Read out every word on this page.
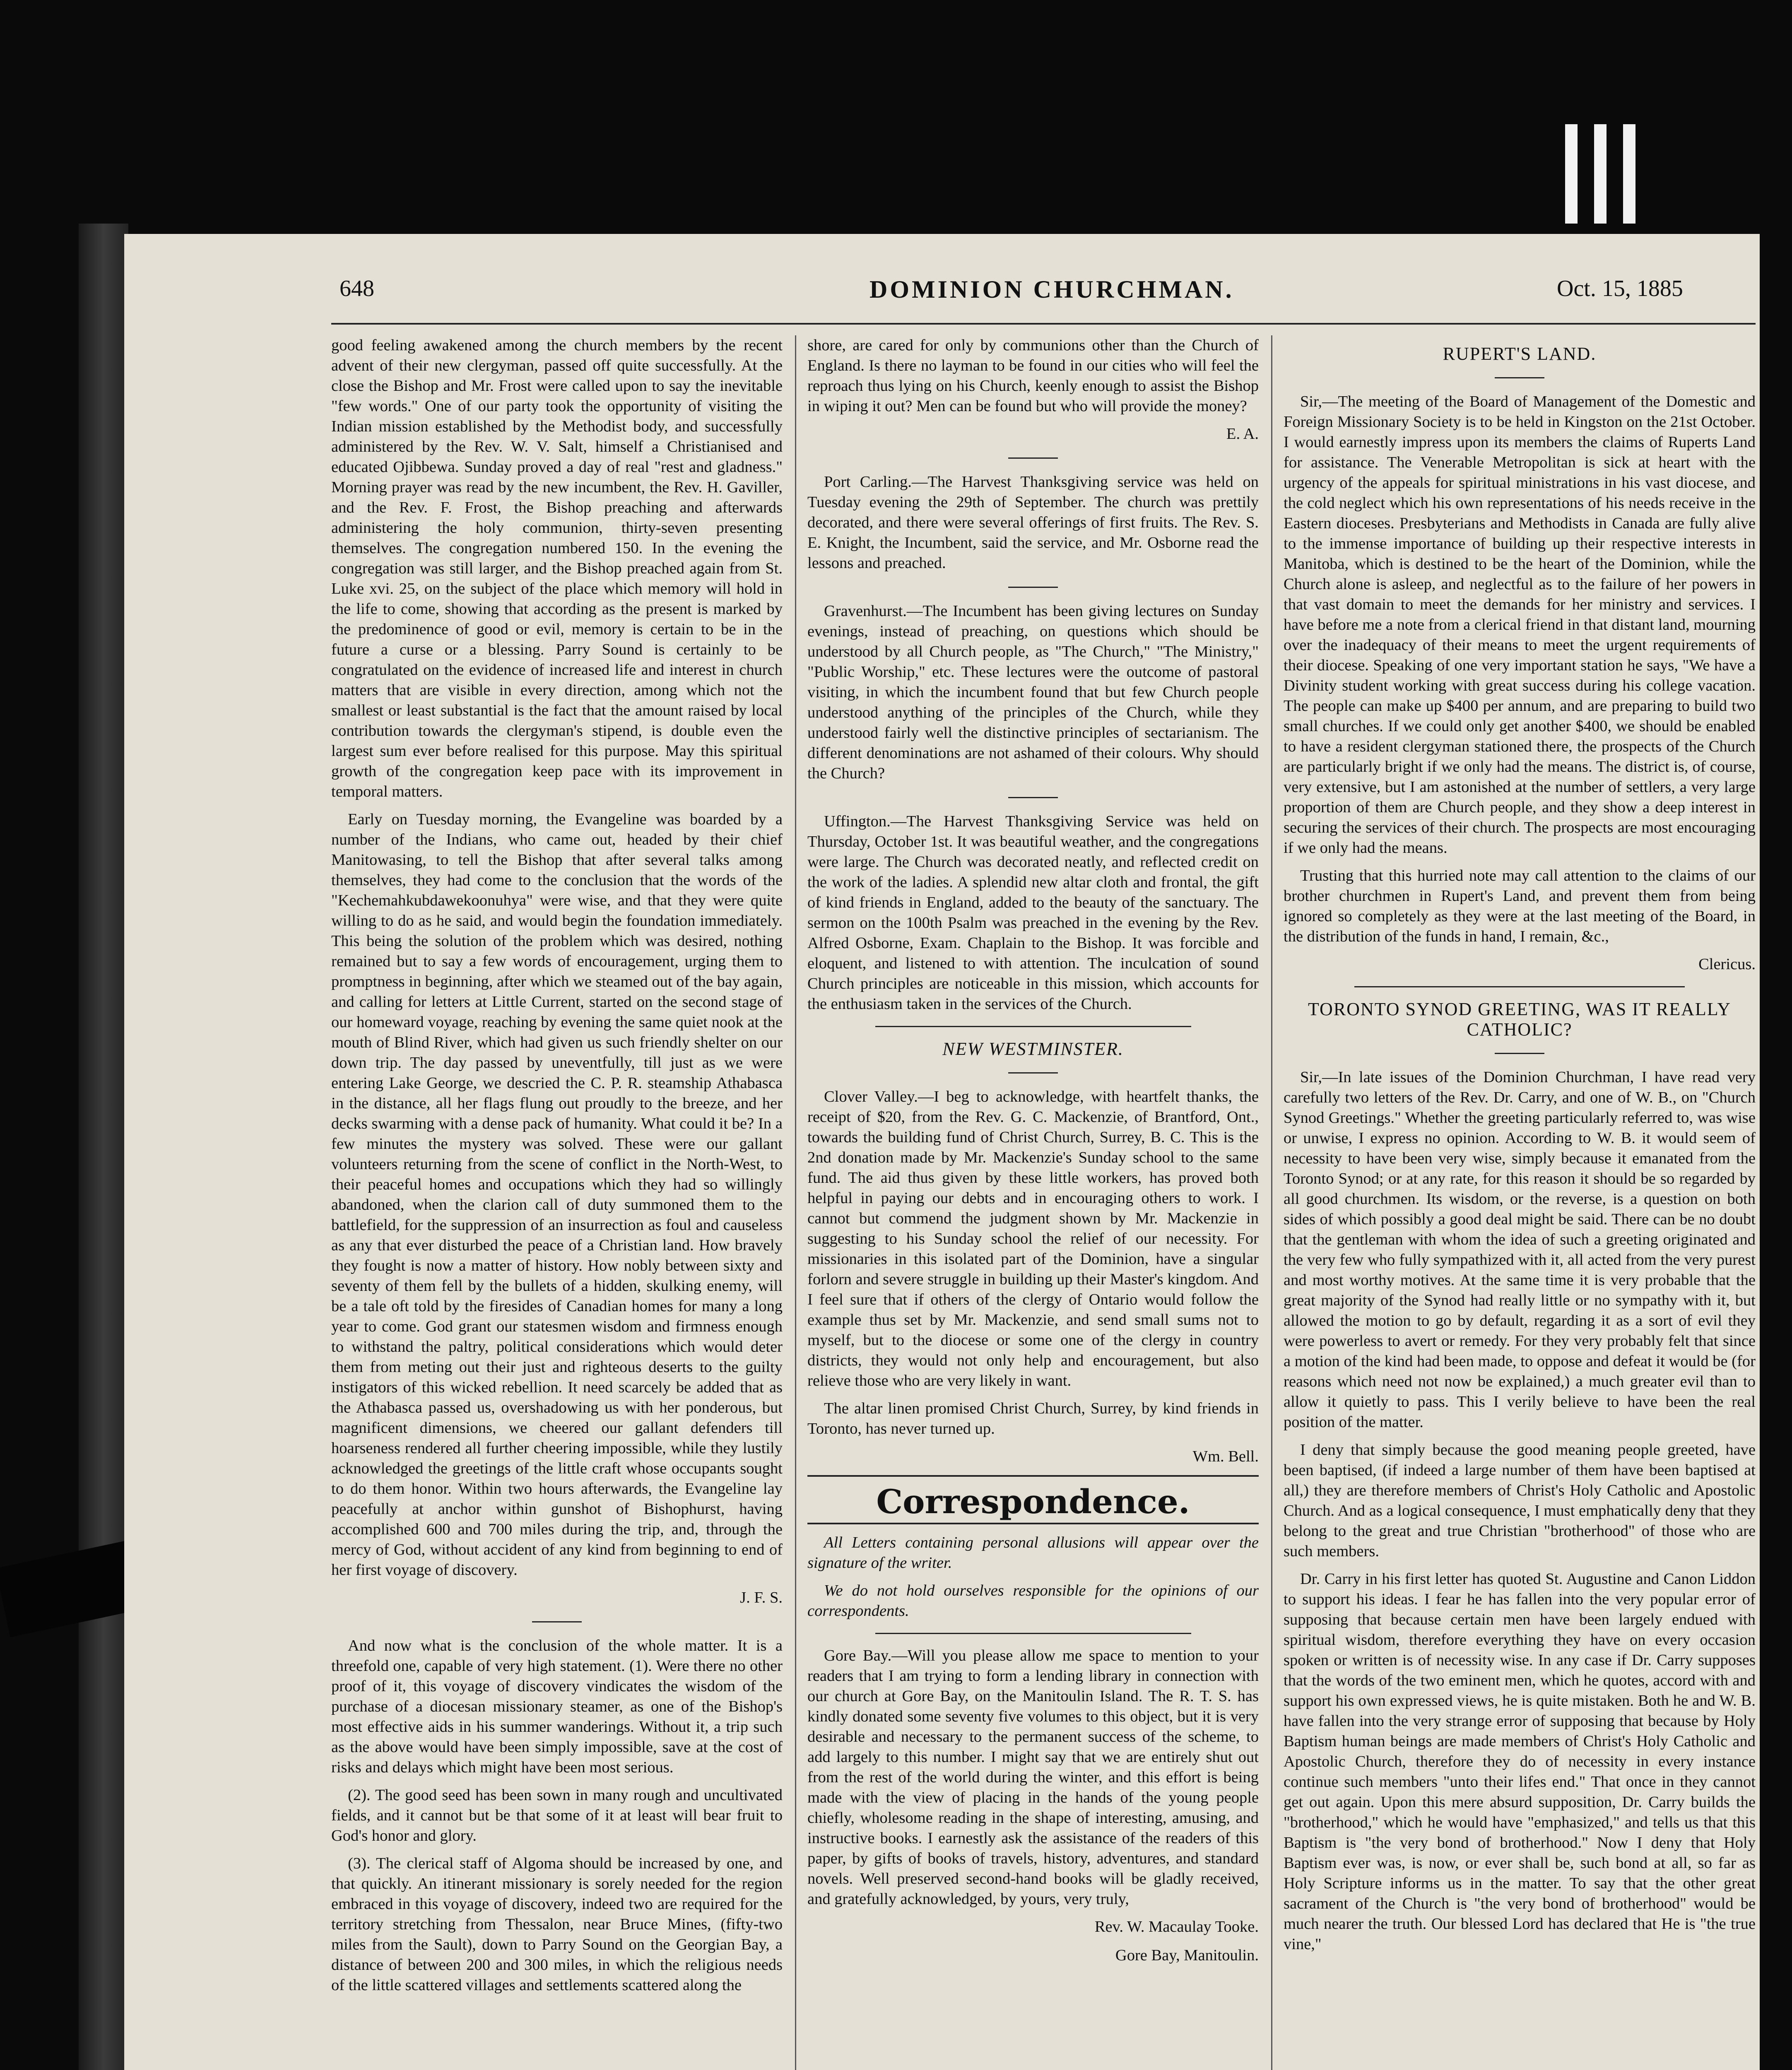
648	DOMINION CHURCHMAN.	Oct. 15, 1885

good feeling awakened among the church members by the recent advent of their new clergyman, passed off quite successfully. At the close the Bishop and Mr. Frost were called upon to say the inevitable "few words." One of our party took the opportunity of visiting the Indian mission established by the Methodist body, and successfully administered by the Rev. W. V. Salt, himself a Christianised and educated Ojibbewa. Sunday proved a day of real "rest and gladness." Morning prayer was read by the new incumbent, the Rev. H. Gaviller, and the Rev. F. Frost, the Bishop preaching and afterwards administering the holy communion, thirty-seven presenting themselves. The congregation numbered 150. In the evening the congregation was still larger, and the Bishop preached again from St. Luke xvi. 25, on the subject of the place which memory will hold in the life to come, showing that according as the present is marked by the predominence of good or evil, memory is certain to be in the future a curse or a blessing. Parry Sound is certainly to be congratulated on the evidence of increased life and interest in church matters that are visible in every direction, among which not the smallest or least substantial is the fact that the amount raised by local contribution towards the clergyman's stipend, is double even the largest sum ever before realised for this purpose. May this spiritual growth of the congregation keep pace with its improvement in temporal matters.

Early on Tuesday morning, the Evangeline was boarded by a number of the Indians, who came out, headed by their chief Manitowasing, to tell the Bishop that after several talks among themselves, they had come to the conclusion that the words of the "Kechemahkubdawekoonuhya" were wise, and that they were quite willing to do as he said, and would begin the foundation immediately. This being the solution of the problem which was desired, nothing remained but to say a few words of encouragement, urging them to promptness in beginning, after which we steamed out of the bay again, and calling for letters at Little Current, started on the second stage of our homeward voyage, reaching by evening the same quiet nook at the mouth of Blind River, which had given us such friendly shelter on our down trip. The day passed by uneventfully, till just as we were entering Lake George, we descried the C. P. R. steamship Athabasca in the distance, all her flags flung out proudly to the breeze, and her decks swarming with a dense pack of humanity. What could it be? In a few minutes the mystery was solved. These were our gallant volunteers returning from the scene of conflict in the North-West, to their peaceful homes and occupations which they had so willingly abandoned, when the clarion call of duty summoned them to the battlefield, for the suppression of an insurrection as foul and causeless as any that ever disturbed the peace of a Christian land. How bravely they fought is now a matter of history. How nobly between sixty and seventy of them fell by the bullets of a hidden, skulking enemy, will be a tale oft told by the firesides of Canadian homes for many a long year to come. God grant our statesmen wisdom and firmness enough to withstand the paltry, political considerations which would deter them from meting out their just and righteous deserts to the guilty instigators of this wicked rebellion. It need scarcely be added that as the Athabasca passed us, overshadowing us with her ponderous, but magnificent dimensions, we cheered our gallant defenders till hoarseness rendered all further cheering impossible, while they lustily acknowledged the greetings of the little craft whose occupants sought to do them honor. Within two hours afterwards, the Evangeline lay peacefully at anchor within gunshot of Bishophurst, having accomplished 600 and 700 miles during the trip, and, through the mercy of God, without accident of any kind from beginning to end of her first voyage of discovery.

J. F. S.

And now what is the conclusion of the whole matter. It is a threefold one, capable of very high statement. (1). Were there no other proof of it, this voyage of discovery vindicates the wisdom of the purchase of a diocesan missionary steamer, as one of the Bishop's most effective aids in his summer wanderings. Without it, a trip such as the above would have been simply impossible, save at the cost of risks and delays which might have been most serious.

(2). The good seed has been sown in many rough and uncultivated fields, and it cannot but be that some of it at least will bear fruit to God's honor and glory.

(3). The clerical staff of Algoma should be increased by one, and that quickly. An itinerant missionary is sorely needed for the region embraced in this voyage of discovery, indeed two are required for the territory stretching from Thessalon, near Bruce Mines, (fifty-two miles from the Sault), down to Parry Sound on the Georgian Bay, a distance of between 200 and 300 miles, in which the religious needs of the little scattered villages and settlements scattered along the

shore, are cared for only by communions other than the Church of England. Is there no layman to be found in our cities who will feel the reproach thus lying on his Church, keenly enough to assist the Bishop in wiping it out? Men can be found but who will provide the money?

E. A.

Port Carling.—The Harvest Thanksgiving service was held on Tuesday evening the 29th of September. The church was prettily decorated, and there were several offerings of first fruits. The Rev. S. E. Knight, the Incumbent, said the service, and Mr. Osborne read the lessons and preached.

Gravenhurst.—The Incumbent has been giving lectures on Sunday evenings, instead of preaching, on questions which should be understood by all Church people, as "The Church," "The Ministry," "Public Worship," etc. These lectures were the outcome of pastoral visiting, in which the incumbent found that but few Church people understood anything of the principles of the Church, while they understood fairly well the distinctive principles of sectarianism. The different denominations are not ashamed of their colours. Why should the Church?

Uffington.—The Harvest Thanksgiving Service was held on Thursday, October 1st. It was beautiful weather, and the congregations were large. The Church was decorated neatly, and reflected credit on the work of the ladies. A splendid new altar cloth and frontal, the gift of kind friends in England, added to the beauty of the sanctuary. The sermon on the 100th Psalm was preached in the evening by the Rev. Alfred Osborne, Exam. Chaplain to the Bishop. It was forcible and eloquent, and listened to with attention. The inculcation of sound Church principles are noticeable in this mission, which accounts for the enthusiasm taken in the services of the Church.

NEW WESTMINSTER.

Clover Valley.—I beg to acknowledge, with heartfelt thanks, the receipt of $20, from the Rev. G. C. Mackenzie, of Brantford, Ont., towards the building fund of Christ Church, Surrey, B. C. This is the 2nd donation made by Mr. Mackenzie's Sunday school to the same fund. The aid thus given by these little workers, has proved both helpful in paying our debts and in encouraging others to work. I cannot but commend the judgment shown by Mr. Mackenzie in suggesting to his Sunday school the relief of our necessity. For missionaries in this isolated part of the Dominion, have a singular forlorn and severe struggle in building up their Master's kingdom. And I feel sure that if others of the clergy of Ontario would follow the example thus set by Mr. Mackenzie, and send small sums not to myself, but to the diocese or some one of the clergy in country districts, they would not only help and encouragement, but also relieve those who are very likely in want.

The altar linen promised Christ Church, Surrey, by kind friends in Toronto, has never turned up.

Wm. Bell.

Correspondence.

All Letters containing personal allusions will appear over the signature of the writer.

We do not hold ourselves responsible for the opinions of our correspondents.

Gore Bay.—Will you please allow me space to mention to your readers that I am trying to form a lending library in connection with our church at Gore Bay, on the Manitoulin Island. The R. T. S. has kindly donated some seventy five volumes to this object, but it is very desirable and necessary to the permanent success of the scheme, to add largely to this number. I might say that we are entirely shut out from the rest of the world during the winter, and this effort is being made with the view of placing in the hands of the young people chiefly, wholesome reading in the shape of interesting, amusing, and instructive books. I earnestly ask the assistance of the readers of this paper, by gifts of books of travels, history, adventures, and standard novels. Well preserved second-hand books will be gladly received, and gratefully acknowledged, by yours, very truly,

Rev. W. Macaulay Tooke.

Gore Bay, Manitoulin.

RUPERT'S LAND.

Sir,—The meeting of the Board of Management of the Domestic and Foreign Missionary Society is to be held in Kingston on the 21st October. I would earnestly impress upon its members the claims of Ruperts Land for assistance. The Venerable Metropolitan is sick at heart with the urgency of the appeals for spiritual ministrations in his vast diocese, and the cold neglect which his own representations of his needs receive in the Eastern dioceses. Presbyterians and Methodists in Canada are fully alive to the immense importance of building up their respective interests in Manitoba, which is destined to be the heart of the Dominion, while the Church alone is asleep, and neglectful as to the failure of her powers in that vast domain to meet the demands for her ministry and services. I have before me a note from a clerical friend in that distant land, mourning over the inadequacy of their means to meet the urgent requirements of their diocese. Speaking of one very important station he says, "We have a Divinity student working with great success during his college vacation. The people can make up $400 per annum, and are preparing to build two small churches. If we could only get another $400, we should be enabled to have a resident clergyman stationed there, the prospects of the Church are particularly bright if we only had the means. The district is, of course, very extensive, but I am astonished at the number of settlers, a very large proportion of them are Church people, and they show a deep interest in securing the services of their church. The prospects are most encouraging if we only had the means.

Trusting that this hurried note may call attention to the claims of our brother churchmen in Rupert's Land, and prevent them from being ignored so completely as they were at the last meeting of the Board, in the distribution of the funds in hand, I remain, &c.,

Clericus.

TORONTO SYNOD GREETING, WAS IT REALLY CATHOLIC?

Sir,—In late issues of the Dominion Churchman, I have read very carefully two letters of the Rev. Dr. Carry, and one of W. B., on "Church Synod Greetings." Whether the greeting particularly referred to, was wise or unwise, I express no opinion. According to W. B. it would seem of necessity to have been very wise, simply because it emanated from the Toronto Synod; or at any rate, for this reason it should be so regarded by all good churchmen. Its wisdom, or the reverse, is a question on both sides of which possibly a good deal might be said. There can be no doubt that the gentleman with whom the idea of such a greeting originated and the very few who fully sympathized with it, all acted from the very purest and most worthy motives. At the same time it is very probable that the great majority of the Synod had really little or no sympathy with it, but allowed the motion to go by default, regarding it as a sort of evil they were powerless to avert or remedy. For they very probably felt that since a motion of the kind had been made, to oppose and defeat it would be (for reasons which need not now be explained,) a much greater evil than to allow it quietly to pass. This I verily believe to have been the real position of the matter.

I deny that simply because the good meaning people greeted, have been baptised, (if indeed a large number of them have been baptised at all,) they are therefore members of Christ's Holy Catholic and Apostolic Church. And as a logical consequence, I must emphatically deny that they belong to the great and true Christian "brotherhood" of those who are such members.

Dr. Carry in his first letter has quoted St. Augustine and Canon Liddon to support his ideas. I fear he has fallen into the very popular error of supposing that because certain men have been largely endued with spiritual wisdom, therefore everything they have on every occasion spoken or written is of necessity wise. In any case if Dr. Carry supposes that the words of the two eminent men, which he quotes, accord with and support his own expressed views, he is quite mistaken. Both he and W. B. have fallen into the very strange error of supposing that because by Holy Baptism human beings are made members of Christ's Holy Catholic and Apostolic Church, therefore they do of necessity in every instance continue such members "unto their lifes end." That once in they cannot get out again. Upon this mere absurd supposition, Dr. Carry builds the "brotherhood," which he would have "emphasized," and tells us that this Baptism is "the very bond of brotherhood." Now I deny that Holy Baptism ever was, is now, or ever shall be, such bond at all, so far as Holy Scripture informs us in the matter. To say that the other great sacrament of the Church is "the very bond of brotherhood" would be much nearer the truth. Our blessed Lord has declared that He is "the true vine,"
